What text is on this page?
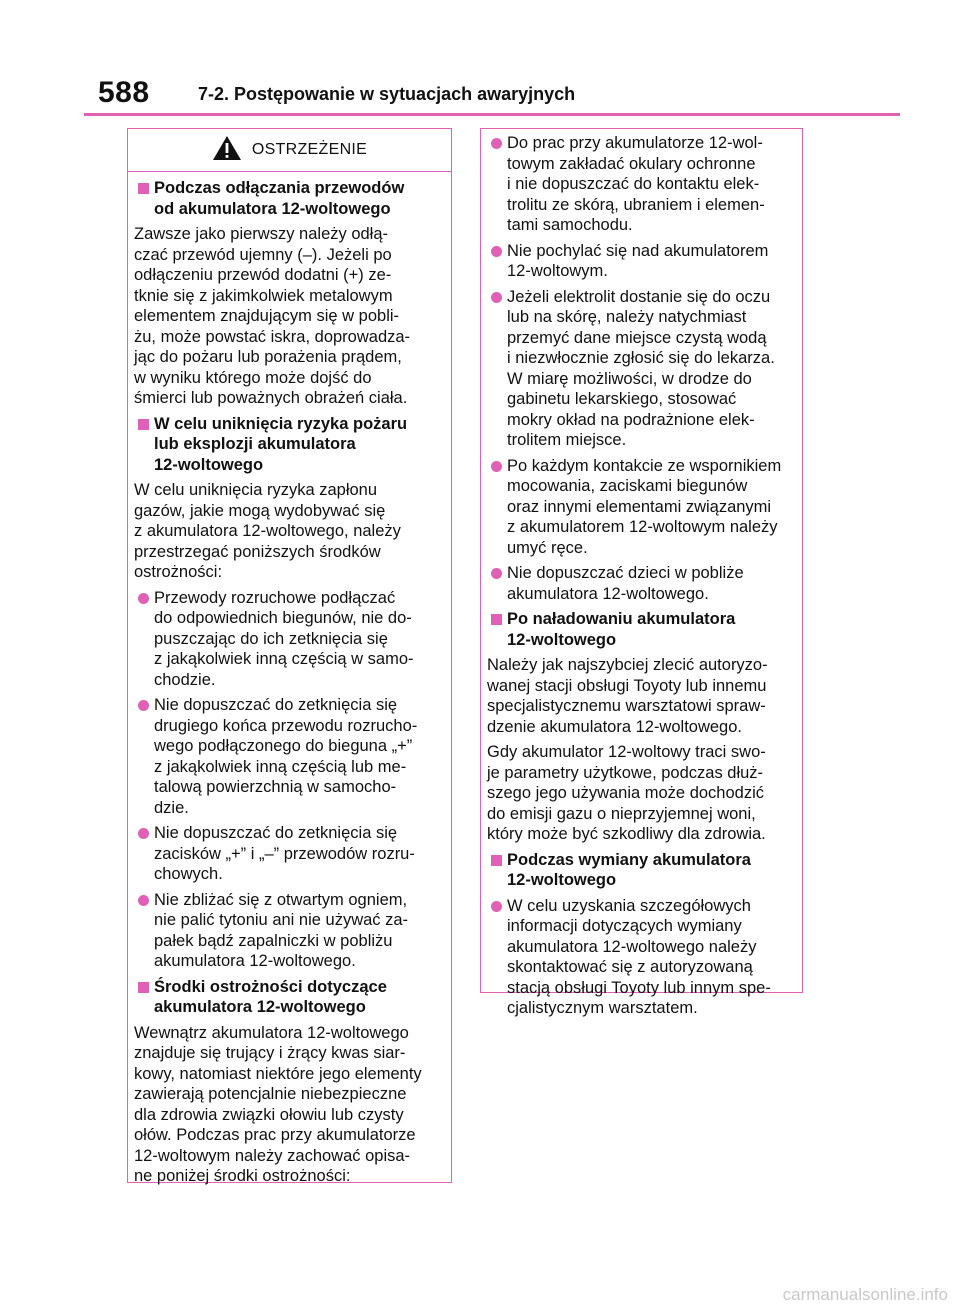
588	7-2. Postępowanie w sytuacjach awaryjnych
OSTRZEŻENIE
Podczas odłączania przewodów
od akumulatora 12-woltowego
Zawsze jako pierwszy należy odłą-
czać przewód ujemny (–). Jeżeli po
odłączeniu przewód dodatni (+) ze-
tknie się z jakimkolwiek metalowym
elementem znajdującym się w pobli-
żu, może powstać iskra, doprowadza-
jąc do pożaru lub porażenia prądem,
w wyniku którego może dojść do
śmierci lub poważnych obrażeń ciała.
W celu uniknięcia ryzyka pożaru
lub eksplozji akumulatora
12-woltowego
W celu uniknięcia ryzyka zapłonu
gazów, jakie mogą wydobywać się
z akumulatora 12-woltowego, należy
przestrzegać poniższych środków
ostrożności:
Przewody rozruchowe podłączać
do odpowiednich biegunów, nie do-
puszczając do ich zetknięcia się
z jakąkolwiek inną częścią w samo-
chodzie.
Nie dopuszczać do zetknięcia się
drugiego końca przewodu rozrucho-
wego podłączonego do bieguna „+”
z jakąkolwiek inną częścią lub me-
talową powierzchnią w samocho-
dzie.
Nie dopuszczać do zetknięcia się
zacisków „+” i „–” przewodów rozru-
chowych.
Nie zbliżać się z otwartym ogniem,
nie palić tytoniu ani nie używać za-
pałek bądź zapalniczki w pobliżu
akumulatora 12-woltowego.
Środki ostrożności dotyczące
akumulatora 12-woltowego
Wewnątrz akumulatora 12-woltowego
znajduje się trujący i żrący kwas siar-
kowy, natomiast niektóre jego elementy
zawierają potencjalnie niebezpieczne
dla zdrowia związki ołowiu lub czysty
ołów. Podczas prac przy akumulatorze
12-woltowym należy zachować opisa-
ne poniżej środki ostrożności:
Do prac przy akumulatorze 12-wol-
towym zakładać okulary ochronne
i nie dopuszczać do kontaktu elek-
trolitu ze skórą, ubraniem i elemen-
tami samochodu.
Nie pochylać się nad akumulatorem
12-woltowym.
Jeżeli elektrolit dostanie się do oczu
lub na skórę, należy natychmiast
przemyć dane miejsce czystą wodą
i niezwłocznie zgłosić się do lekarza.
W miarę możliwości, w drodze do
gabinetu lekarskiego, stosować
mokry okład na podrażnione elek-
trolitem miejsce.
Po każdym kontakcie ze wspornikiem
mocowania, zaciskami biegunów
oraz innymi elementami związanymi
z akumulatorem 12-woltowym należy
umyć ręce.
Nie dopuszczać dzieci w pobliże
akumulatora 12-woltowego.
Po naładowaniu akumulatora
12-woltowego
Należy jak najszybciej zlecić autoryzo-
wanej stacji obsługi Toyoty lub innemu
specjalistycznemu warsztatowi spraw-
dzenie akumulatora 12-woltowego.
Gdy akumulator 12-woltowy traci swo-
je parametry użytkowe, podczas dłuż-
szego jego używania może dochodzić
do emisji gazu o nieprzyjemnej woni,
który może być szkodliwy dla zdrowia.
Podczas wymiany akumulatora
12-woltowego
W celu uzyskania szczegółowych
informacji dotyczących wymiany
akumulatora 12-woltowego należy
skontaktować się z autoryzowaną
stacją obsługi Toyoty lub innym spe-
cjalistycznym warsztatem.
carmanualsonline.info
